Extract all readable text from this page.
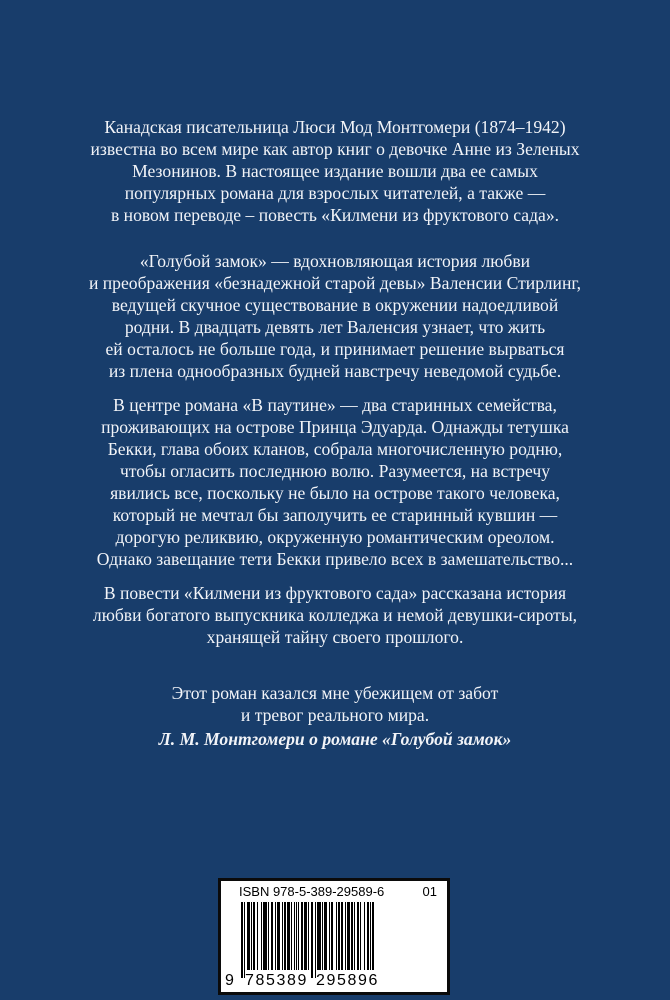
Канадская писательница Люси Мод Монтгомери (1874–1942)
известна во всем мире как автор книг о девочке Анне из Зеленых
Мезонинов. В настоящее издание вошли два ее самых
популярных романа для взрослых читателей, а также —
в новом переводе – повесть «Килмени из фруктового сада».
«Голубой замок» — вдохновляющая история любви
и преображения «безнадежной старой девы» Валенсии Стирлинг,
ведущей скучное существование в окружении надоедливой
родни. В двадцать девять лет Валенсия узнает, что жить
ей осталось не больше года, и принимает решение вырваться
из плена однообразных будней навстречу неведомой судьбе.
В центре романа «В паутине» — два старинных семейства,
проживающих на острове Принца Эдуарда. Однажды тетушка
Бекки, глава обоих кланов, собрала многочисленную родню,
чтобы огласить последнюю волю. Разумеется, на встречу
явились все, поскольку не было на острове такого человека,
который не мечтал бы заполучить ее старинный кувшин —
дорогую реликвию, окруженную романтическим ореолом.
Однако завещание тети Бекки привело всех в замешательство...
В повести «Килмени из фруктового сада» рассказана история
любви богатого выпускника колледжа и немой девушки-сироты,
хранящей тайну своего прошлого.
Этот роман казался мне убежищем от забот
и тревог реального мира.
Л. М. Монтгомери о романе «Голубой замок»
ISBN 978-5-389-29589-6	01
9 785389 295896
